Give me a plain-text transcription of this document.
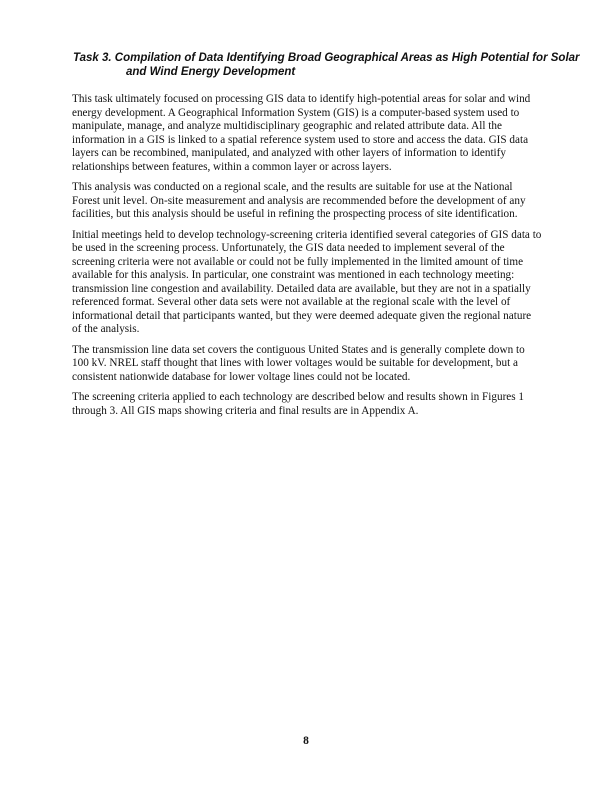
Task 3. Compilation of Data Identifying Broad Geographical Areas as High Potential for Solar and Wind Energy Development

This task ultimately focused on processing GIS data to identify high-potential areas for solar and wind energy development. A Geographical Information System (GIS) is a computer-based system used to manipulate, manage, and analyze multidisciplinary geographic and related attribute data. All the information in a GIS is linked to a spatial reference system used to store and access the data. GIS data layers can be recombined, manipulated, and analyzed with other layers of information to identify relationships between features, within a common layer or across layers.

This analysis was conducted on a regional scale, and the results are suitable for use at the National Forest unit level. On-site measurement and analysis are recommended before the development of any facilities, but this analysis should be useful in refining the prospecting process of site identification.

Initial meetings held to develop technology-screening criteria identified several categories of GIS data to be used in the screening process. Unfortunately, the GIS data needed to implement several of the screening criteria were not available or could not be fully implemented in the limited amount of time available for this analysis. In particular, one constraint was mentioned in each technology meeting: transmission line congestion and availability. Detailed data are available, but they are not in a spatially referenced format. Several other data sets were not available at the regional scale with the level of informational detail that participants wanted, but they were deemed adequate given the regional nature of the analysis.

The transmission line data set covers the contiguous United States and is generally complete down to 100 kV. NREL staff thought that lines with lower voltages would be suitable for development, but a consistent nationwide database for lower voltage lines could not be located.

The screening criteria applied to each technology are described below and results shown in Figures 1 through 3. All GIS maps showing criteria and final results are in Appendix A.

8
